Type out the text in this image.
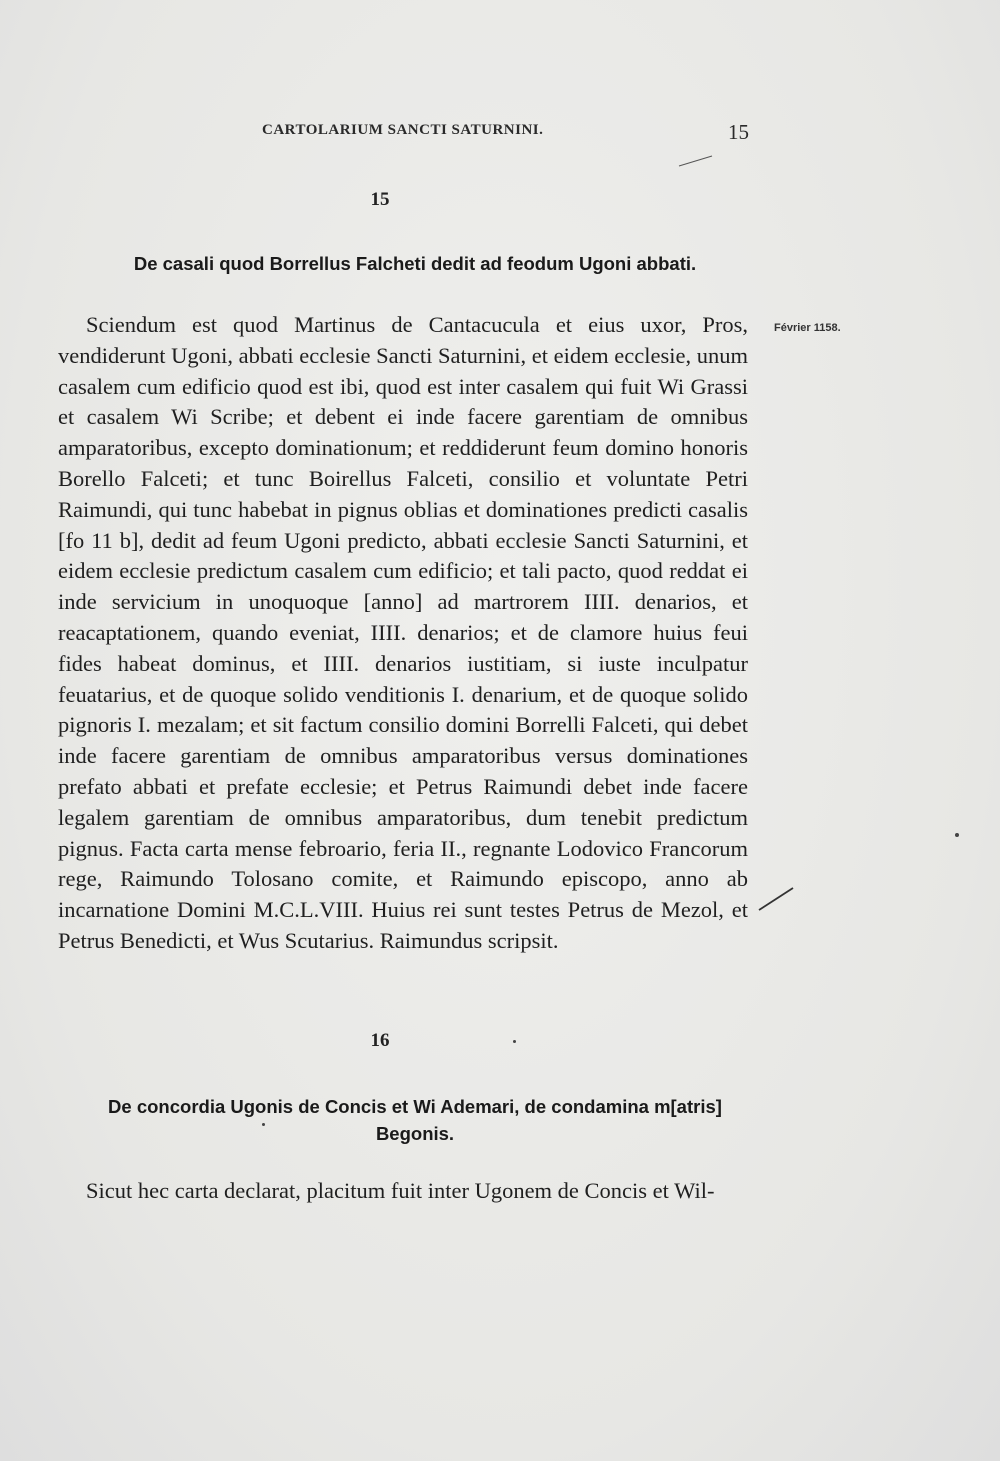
CARTOLARIUM SANCTI SATURNINI.	15
15
De casali quod Borrellus Falcheti dedit ad feodum Ugoni abbati.
Février 1158.

Sciendum est quod Martinus de Cantacucula et eius uxor, Pros, vendiderunt Ugoni, abbati ecclesie Sancti Saturnini, et eidem ecclesie, unum casalem cum edificio quod est ibi, quod est inter casalem qui fuit Wi Grassi et casalem Wi Scribe; et debent ei inde facere garentiam de omnibus amparatoribus, excepto dominationum; et reddiderunt feum domino honoris Borello Falceti; et tunc Boirellus Falceti, consilio et voluntate Petri Raimundi, qui tunc habebat in pignus oblias et dominationes predicti casalis [fo 11 b], dedit ad feum Ugoni predicto, abbati ecclesie Sancti Saturnini, et eidem ecclesie predictum casalem cum edificio; et tali pacto, quod reddat ei inde servicium in unoquoque [anno] ad martrorem IIII. denarios, et reacaptationem, quando eveniat, IIII. denarios; et de clamore huius feui fides habeat dominus, et IIII. denarios iustitiam, si iuste inculpatur feuatarius, et de quoque solido venditionis I. denarium, et de quoque solido pignoris I. mezalam; et sit factum consilio domini Borrelli Falceti, qui debet inde facere garentiam de omnibus amparatoribus versus dominationes prefato abbati et prefate ecclesie; et Petrus Raimundi debet inde facere legalem garentiam de omnibus amparatoribus, dum tenebit predictum pignus. Facta carta mense febroario, feria II., regnante Lodovico Francorum rege, Raimundo Tolosano comite, et Raimundo episcopo, anno ab incarnatione Domini M.C.L.VIII. Huius rei sunt testes Petrus de Mezol, et Petrus Benedicti, et Wus Scutarius. Raimundus scripsit.

16
De concordia Ugonis de Concis et Wi Ademari, de condamina m[atris] Begonis.

Sicut hec carta declarat, placitum fuit inter Ugonem de Concis et Wil-
